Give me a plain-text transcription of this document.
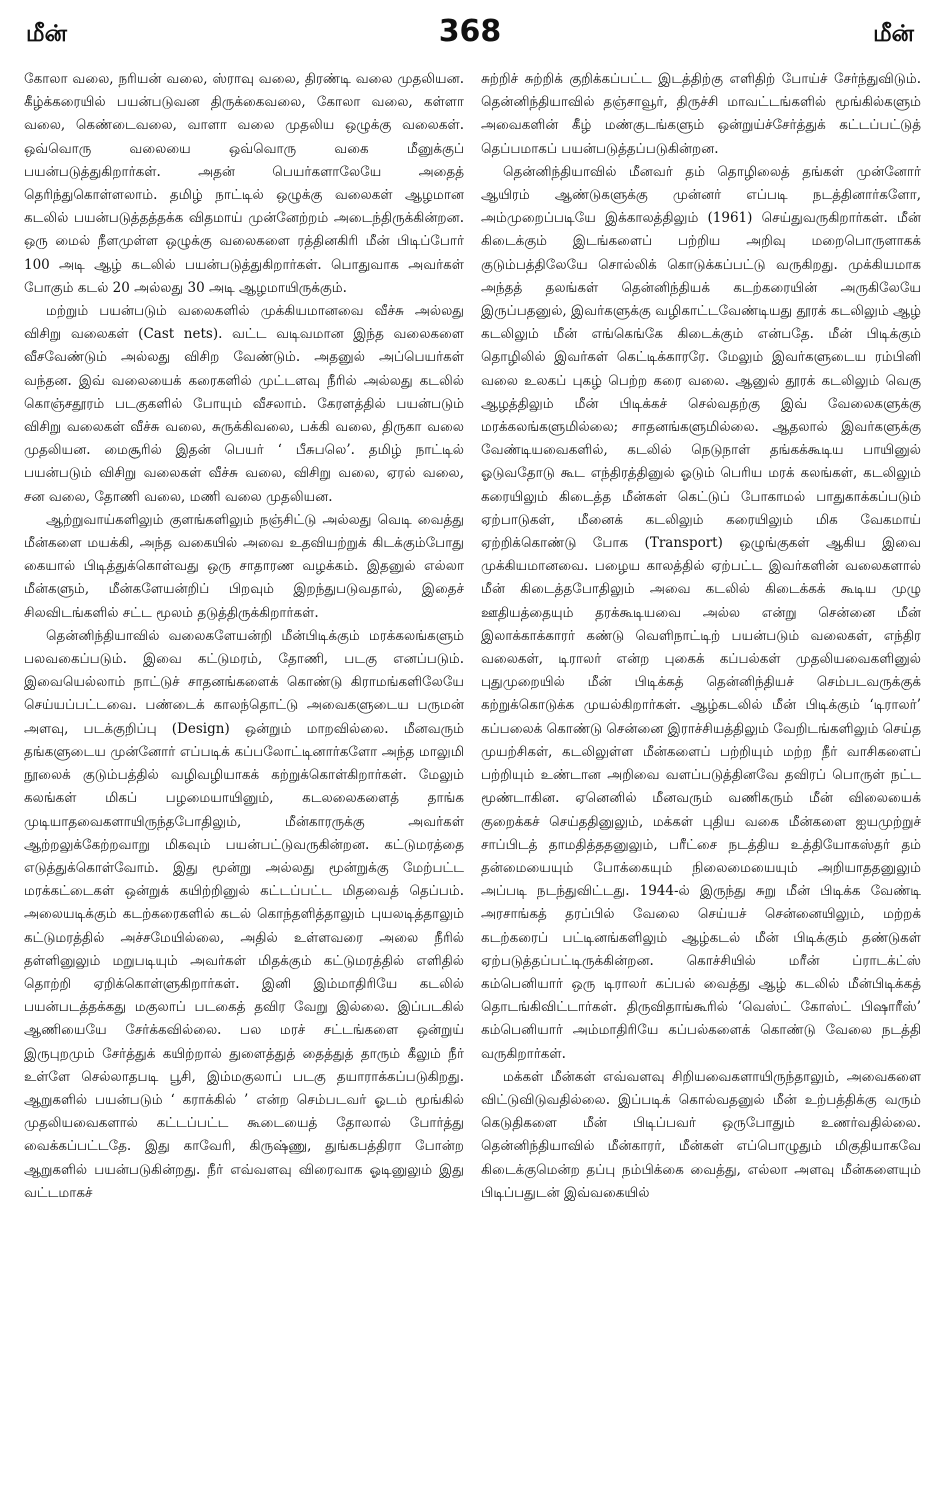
மீன்	368	மீன்

கோலா வலை, நரியன் வலை, ஸ்ராவு வலை, திரண்டி வலை முதலியன. கீழ்க்கரையில் பயன்படுவன திருக்கைவலை, கோலா வலை, கள்ளா வலை, கெண்டைவலை, வாளா வலை முதலிய ஒழுக்கு வலைகள். ஒவ்வொரு வலையை ஒவ்வொரு வகை மீனுக்குப் பயன்படுத்துகிறார்கள். அதன் பெயர்களாலேயே அதைத் தெரிந்துகொள்ளலாம். தமிழ் நாட்டில் ஒழுக்கு வலைகள் ஆழமான கடலில் பயன்படுத்தத்தக்க விதமாய் முன்னேற்றம் அடைந்திருக்கின்றன. ஒரு மைல் நீளமுள்ள ஒழுக்கு வலைகளை ரத்தினகிரி மீன் பிடிப்போர் 100 அடி ஆழ் கடலில் பயன்படுத்துகிறார்கள். பொதுவாக அவர்கள் போகும் கடல் 20 அல்லது 30 அடி ஆழமாயிருக்கும்.

மற்றும் பயன்படும் வலைகளில் முக்கியமானவை வீச்சு அல்லது விசிறு வலைகள் (Cast nets). வட்ட வடிவமான இந்த வலைகளை வீசவேண்டும் அல்லது விசிற வேண்டும். அதனுல் அப்பெயர்கள் வந்தன. இவ் வலையைக் கரைகளில் முட்டளவு நீரில் அல்லது கடலில் கொஞ்சதூரம் படகுகளில் போயும் வீசலாம். கேரளத்தில் பயன்படும் விசிறு வலைகள் வீச்சு வலை, சுருக்கிவலை, பக்கி வலை, திருகா வலை முதலியன. மைசூரில் இதன் பெயர் ‘ பீசுபலெ’. தமிழ் நாட்டில் பயன்படும் விசிறு வலைகள் வீச்சு வலை, விசிறு வலை, ஏரல் வலை, சன வலை, தோணி வலை, மணி வலை முதலியன.

ஆற்றுவாய்களிலும் குளங்களிலும் நஞ்சிட்டு அல்லது வெடி வைத்து மீன்களை மயக்கி, அந்த வகையில் அவை உதவியற்றுக் கிடக்கும்போது கையால் பிடித்துக்கொள்வது ஒரு சாதாரண வழக்கம். இதனுல் எல்லா மீன்களும், மீன்களேயன்றிப் பிறவும் இறந்துபடுவதால், இதைச் சிலவிடங்களில் சட்ட மூலம் தடுத்திருக்கிறார்கள்.

தென்னிந்தியாவில் வலைகளேயன்றி மீன்பிடிக்கும் மரக்கலங்களும் பலவகைப்படும். இவை கட்டுமரம், தோணி, படகு எனப்படும். இவையெல்லாம் நாட்டுச் சாதனங்களைக் கொண்டு கிராமங்களிலேயே செய்யப்பட்டவை. பண்டைக் காலந்தொட்டு அவைகளுடைய பருமன் அளவு, படக்குறிப்பு (Design) ஒன்றும் மாறவில்லை. மீனவரும் தங்களுடைய முன்னோர் எப்படிக் கப்பலோட்டினார்களோ அந்த மாலுமி நூலைக் குடும்பத்தில் வழிவழியாகக் கற்றுக்கொள்கிறார்கள். மேலும் கலங்கள் மிகப் பழமையாயினும், கடலலைகளைத் தாங்க முடியாதவைகளாயிருந்தபோதிலும், மீன்காரருக்கு அவர்கள் ஆற்றலுக்கேற்றவாறு மிகவும் பயன்பட்டுவருகின்றன. கட்டுமரத்தை எடுத்துக்கொள்வோம். இது மூன்று அல்லது மூன்றுக்கு மேற்பட்ட மரக்கட்டைகள் ஒன்றுக் கயிற்றினுல் கட்டப்பட்ட மிதவைத் தெப்பம். அலையடிக்கும் கடற்கரைகளில் கடல் கொந்தளித்தாலும் புயலடித்தாலும் கட்டுமரத்தில் அச்சமேயில்லை, அதில் உள்ளவரை அலை நீரில் தள்ளினுலும் மறுபடியும் அவர்கள் மிதக்கும் கட்டுமரத்தில் எளிதில் தொற்றி ஏறிக்கொள்ளுகிறார்கள். இனி இம்மாதிரியே கடலில் பயன்படத்தக்கது மகுலாப் படகைத் தவிர வேறு இல்லை. இப்படகில் ஆணியையே சேர்க்கவில்லை. பல மரச் சட்டங்களை ஒன்றுய் இருபுறமும் சேர்த்துக் கயிற்றால் துளைத்துத் தைத்துத் தாரும் கீலும் நீர் உள்ளே செல்லாதபடி பூசி, இம்மகுலாப் படகு தயாராக்கப்படுகிறது. ஆறுகளில் பயன்படும் ‘ கராக்கில் ’ என்ற செம்படவர் ஓடம் மூங்கில் முதலியவைகளால் கட்டப்பட்ட கூடையைத் தோலால் போர்த்து வைக்கப்பட்டதே. இது காவேரி, கிருஷ்ணு, துங்கபத்திரா போன்ற ஆறுகளில் பயன்படுகின்றது. நீர் எவ்வளவு விரைவாக ஓடினுலும் இது வட்டமாகச்

சுற்றிச் சுற்றிக் குறிக்கப்பட்ட இடத்திற்கு எளிதிற் போய்ச் சேர்ந்துவிடும். தென்னிந்தியாவில் தஞ்சாவூர், திருச்சி மாவட்டங்களில் மூங்கில்களும் அவைகளின் கீழ் மண்குடங்களும் ஒன்றுய்ச்சேர்த்துக் கட்டப்பட்டுத் தெப்பமாகப் பயன்படுத்தப்படுகின்றன.

தென்னிந்தியாவில் மீனவர் தம் தொழிலைத் தங்கள் முன்னோர் ஆயிரம் ஆண்டுகளுக்கு முன்னர் எப்படி நடத்தினார்களோ, அம்முறைப்படியே இக்காலத்திலும் (1961) செய்துவருகிறார்கள். மீன் கிடைக்கும் இடங்களைப் பற்றிய அறிவு மறைபொருளாகக் குடும்பத்திலேயே சொல்லிக் கொடுக்கப்பட்டு வருகிறது. முக்கியமாக அந்தத் தலங்கள் தென்னிந்தியக் கடற்கரையின் அருகிலேயே இருப்பதனுல், இவர்களுக்கு வழிகாட்டவேண்டியது தூரக் கடலிலும் ஆழ் கடலிலும் மீன் எங்கெங்கே கிடைக்கும் என்பதே. மீன் பிடிக்கும் தொழிலில் இவர்கள் கெட்டிக்காரரே. மேலும் இவர்களுடைய ரம்பினி வலை உலகப் புகழ் பெற்ற கரை வலை. ஆனுல் தூரக் கடலிலும் வெகு ஆழத்திலும் மீன் பிடிக்கச் செல்வதற்கு இவ் வேலைகளுக்கு மரக்கலங்களுமில்லை; சாதனங்களுமில்லை. ஆதலால் இவர்களுக்கு வேண்டியவைகளில், கடலில் நெடுநாள் தங்கக்கூடிய பாயினுல் ஓடுவதோடு கூட எந்திரத்தினுல் ஓடும் பெரிய மரக் கலங்கள், கடலிலும் கரையிலும் கிடைத்த மீன்கள் கெட்டுப் போகாமல் பாதுகாக்கப்படும் ஏற்பாடுகள், மீனைக் கடலிலும் கரையிலும் மிக வேகமாய் ஏற்றிக்கொண்டு போக (Transport) ஒழுங்குகள் ஆகிய இவை முக்கியமானவை. பழைய காலத்தில் ஏற்பட்ட இவர்களின் வலைகளால் மீன் கிடைத்தபோதிலும் அவை கடலில் கிடைக்கக் கூடிய முழு ஊதியத்தையும் தரக்கூடியவை அல்ல என்று சென்னை மீன் இலாக்காக்காரர் கண்டு வெளிநாட்டிற் பயன்படும் வலைகள், எந்திர வலைகள், டிராலர் என்ற புகைக் கப்பல்கள் முதலியவைகளினுல் புதுமுறையில் மீன் பிடிக்கத் தென்னிந்தியச் செம்படவருக்குக் கற்றுக்கொடுக்க முயல்கிறார்கள். ஆழ்கடலில் மீன் பிடிக்கும் ‘டிராலர்’ கப்பலைக் கொண்டு சென்னை இராச்சியத்திலும் வேறிடங்களிலும் செய்த முயற்சிகள், கடலிலுள்ள மீன்களைப் பற்றியும் மற்ற நீர் வாசிகளைப் பற்றியும் உண்டான அறிவை வளப்படுத்தினவே தவிரப் பொருள் நட்ட மூண்டாகின. ஏனெனில் மீனவரும் வணிகரும் மீன் விலையைக் குறைக்கச் செய்ததினுலும், மக்கள் புதிய வகை மீன்களை ஐயமுற்றுச் சாப்பிடத் தாமதித்ததனுலும், பரீட்சை நடத்திய உத்தியோகஸ்தர் தம் தன்மையையும் போக்கையும் நிலைமையையும் அறியாததனுலும் அப்படி நடந்துவிட்டது. 1944-ல் இருந்து சுறு மீன் பிடிக்க வேண்டி அரசாங்கத் தரப்பில் வேலை செய்யச் சென்னையிலும், மற்றக் கடற்கரைப் பட்டினங்களிலும் ஆழ்கடல் மீன் பிடிக்கும் தண்டுகள் ஏற்படுத்தப்பட்டிருக்கின்றன. கொச்சியில் மரீன் ப்ராடக்ட்ஸ் கம்பெனியார் ஒரு டிராலர் கப்பல் வைத்து ஆழ் கடலில் மீன்பிடிக்கத் தொடங்கிவிட்டார்கள். திருவிதாங்கூரில் ‘வெஸ்ட் கோஸ்ட் பிஷாரீஸ்’ கம்பெனியார் அம்மாதிரியே கப்பல்களைக் கொண்டு வேலை நடத்தி வருகிறார்கள்.

மக்கள் மீன்கள் எவ்வளவு சிறியவைகளாயிருந்தாலும், அவைகளை விட்டுவிடுவதில்லை. இப்படிக் கொல்வதனுல் மீன் உற்பத்திக்கு வரும் கெடுதிகளை மீன் பிடிப்பவர் ஒருபோதும் உணர்வதில்லை. தென்னிந்தியாவில் மீன்காரர், மீன்கள் எப்பொழுதும் மிகுதியாகவே கிடைக்குமென்ற தப்பு நம்பிக்கை வைத்து, எல்லா அளவு மீன்களையும் பிடிப்பதுடன் இவ்வகையில்
